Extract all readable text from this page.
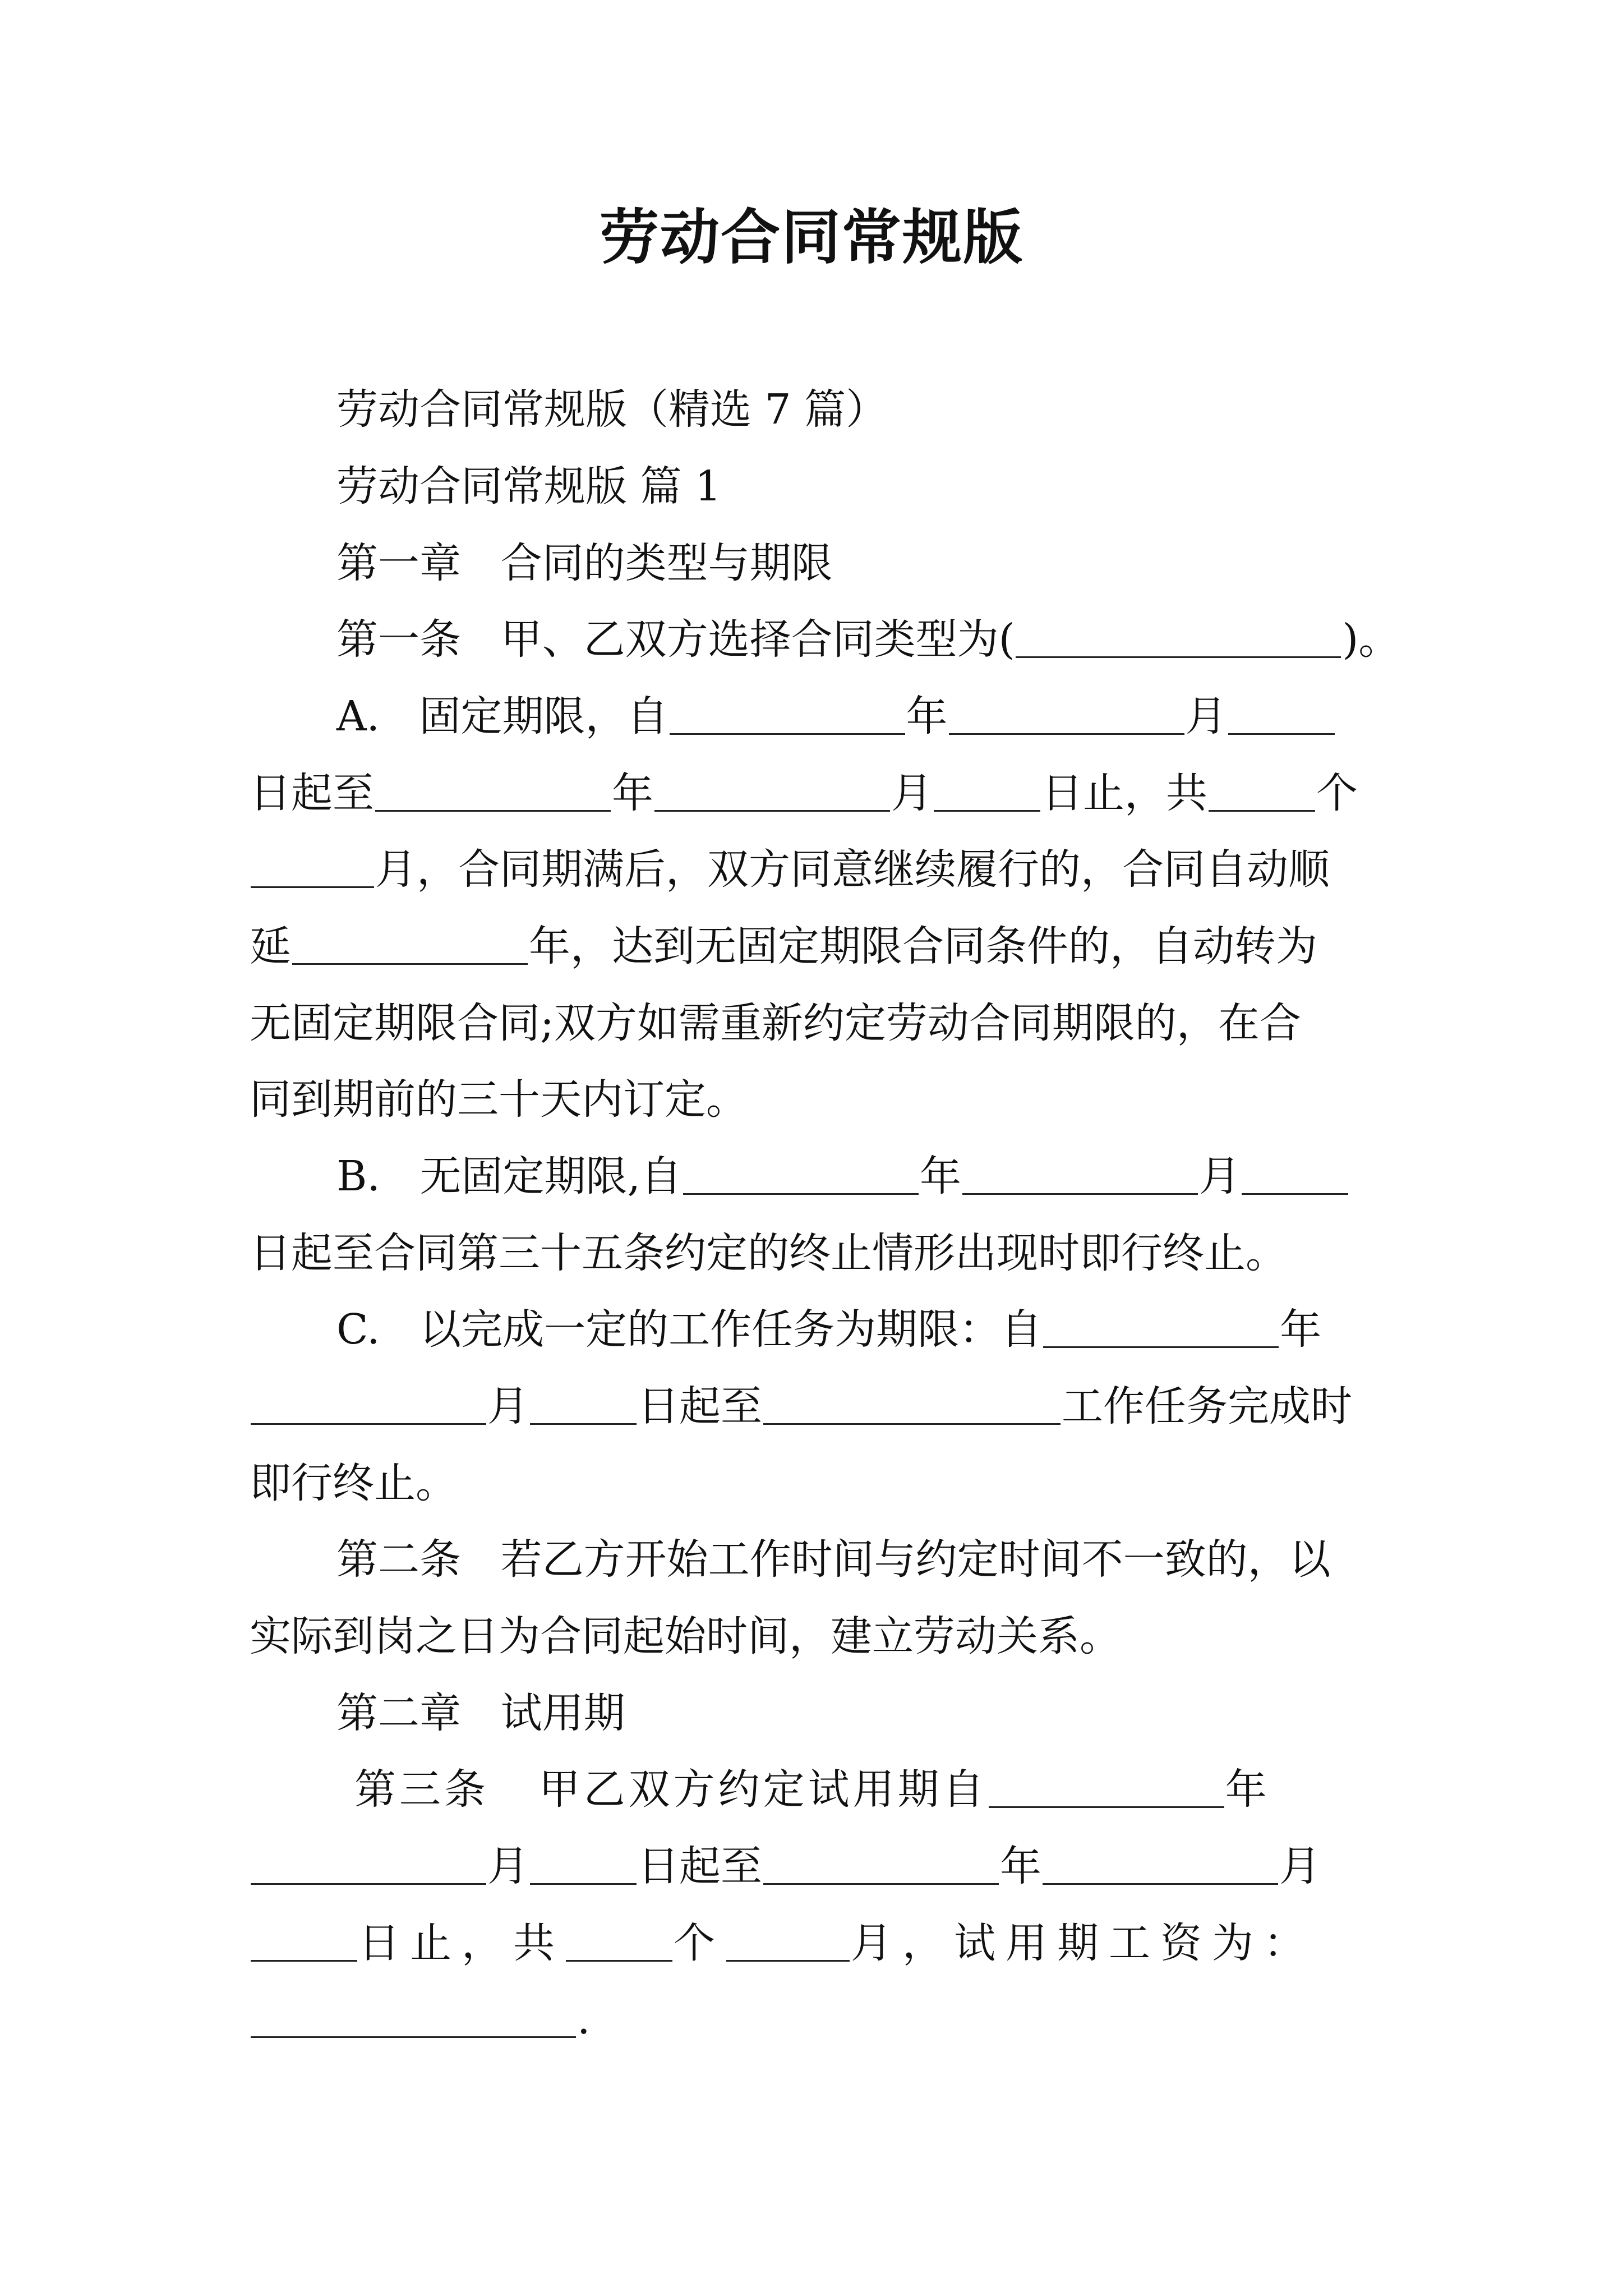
劳动合同常规版
劳动合同常规版（精选 7 篇）
劳动合同常规版 篇 1
第一章   合同的类型与期限
第一条   甲、乙双方选择合同类型为(	)。
A.   固定期限，自	年	月
日起至	年	月	日止，共	个
月，合同期满后，双方同意继续履行的，合同自动顺
延	年，达到无固定期限合同条件的，自动转为
无固定期限合同;双方如需重新约定劳动合同期限的，在合
同到期前的三十天内订定。
B.   无固定期限,自	年	月
日起至合同第三十五条约定的终止情形出现时即行终止。
C.   以完成一定的工作任务为期限：自	年
月	日起至	工作任务完成时
即行终止。
第二条   若乙方开始工作时间与约定时间不一致的，以
实际到岗之日为合同起始时间，建立劳动关系。
第二章   试用期
第三条   甲乙双方约定试用期自	年
月	日起至	年	月
日止，共	个	月，试用期工资为：
.
